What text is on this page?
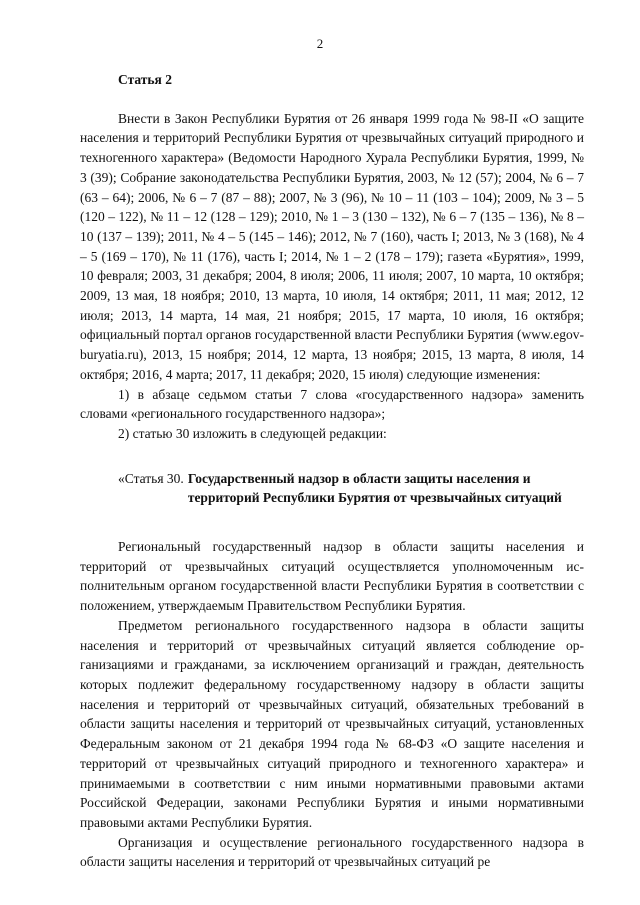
2
Статья 2

Внести в Закон Республики Бурятия от 26 января 1999 года № 98-II «О защите населения и территорий Республики Бурятия от чрезвычайных ситуаций природного и техногенного характера» (Ведомости Народного Хурала Республики Бурятия, 1999, № 3 (39); Собрание законодательства Республики Бурятия, 2003, № 12 (57); 2004, № 6 – 7 (63 – 64); 2006, № 6 – 7 (87 – 88); 2007, № 3 (96), № 10 – 11 (103 – 104); 2009, № 3 – 5 (120 – 122), № 11 – 12 (128 – 129); 2010, № 1 – 3 (130 – 132), № 6 – 7 (135 – 136), № 8 – 10 (137 – 139); 2011, № 4 – 5 (145 – 146); 2012, № 7 (160), часть I; 2013, № 3 (168), № 4 – 5 (169 – 170), № 11 (176), часть I; 2014, № 1 – 2 (178 – 179); газета «Бурятия», 1999, 10 февраля; 2003, 31 декабря; 2004, 8 июля; 2006, 11 июля; 2007, 10 марта, 10 октября; 2009, 13 мая, 18 ноября; 2010, 13 марта, 10 июля, 14 октября; 2011, 11 мая; 2012, 12 июля; 2013, 14 марта, 14 мая, 21 ноября; 2015, 17 марта, 10 июля, 16 октября; официальный портал органов государственной власти Республики Бурятия (www.egov-buryatia.ru), 2013, 15 ноября; 2014, 12 марта, 13 ноября; 2015, 13 марта, 8 июля, 14 октября; 2016, 4 марта; 2017, 11 декабря; 2020, 15 июля) следующие изменения:

1) в абзаце седьмом статьи 7 слова «государственного надзора» заменить словами «регионального государственного надзора»;

2) статью 30 изложить в следующей редакции:

«Статья 30. Государственный надзор в области защиты населения и территорий Республики Бурятия от чрезвычайных ситуаций

Региональный государственный надзор в области защиты населения и территорий от чрезвычайных ситуаций осуществляется уполномоченным исполнительным органом государственной власти Республики Бурятия в соответствии с положением, утверждаемым Правительством Республики Бурятия.

Предметом регионального государственного надзора в области защиты населения и территорий от чрезвычайных ситуаций является соблюдение организациями и гражданами, за исключением организаций и граждан, деятельность которых подлежит федеральному государственному надзору в области защиты населения и территорий от чрезвычайных ситуаций, обязательных требований в области защиты населения и территорий от чрезвычайных ситуаций, установленных Федеральным законом от 21 декабря 1994 года № 68-ФЗ «О защите населения и территорий от чрезвычайных ситуаций природного и техногенного характера» и принимаемыми в соответствии с ним иными нормативными правовыми актами Российской Федерации, законами Республики Бурятия и иными нормативными правовыми актами Республики Бурятия.

Организация и осуществление регионального государственного надзора в области защиты населения и территорий от чрезвычайных ситуаций ре
